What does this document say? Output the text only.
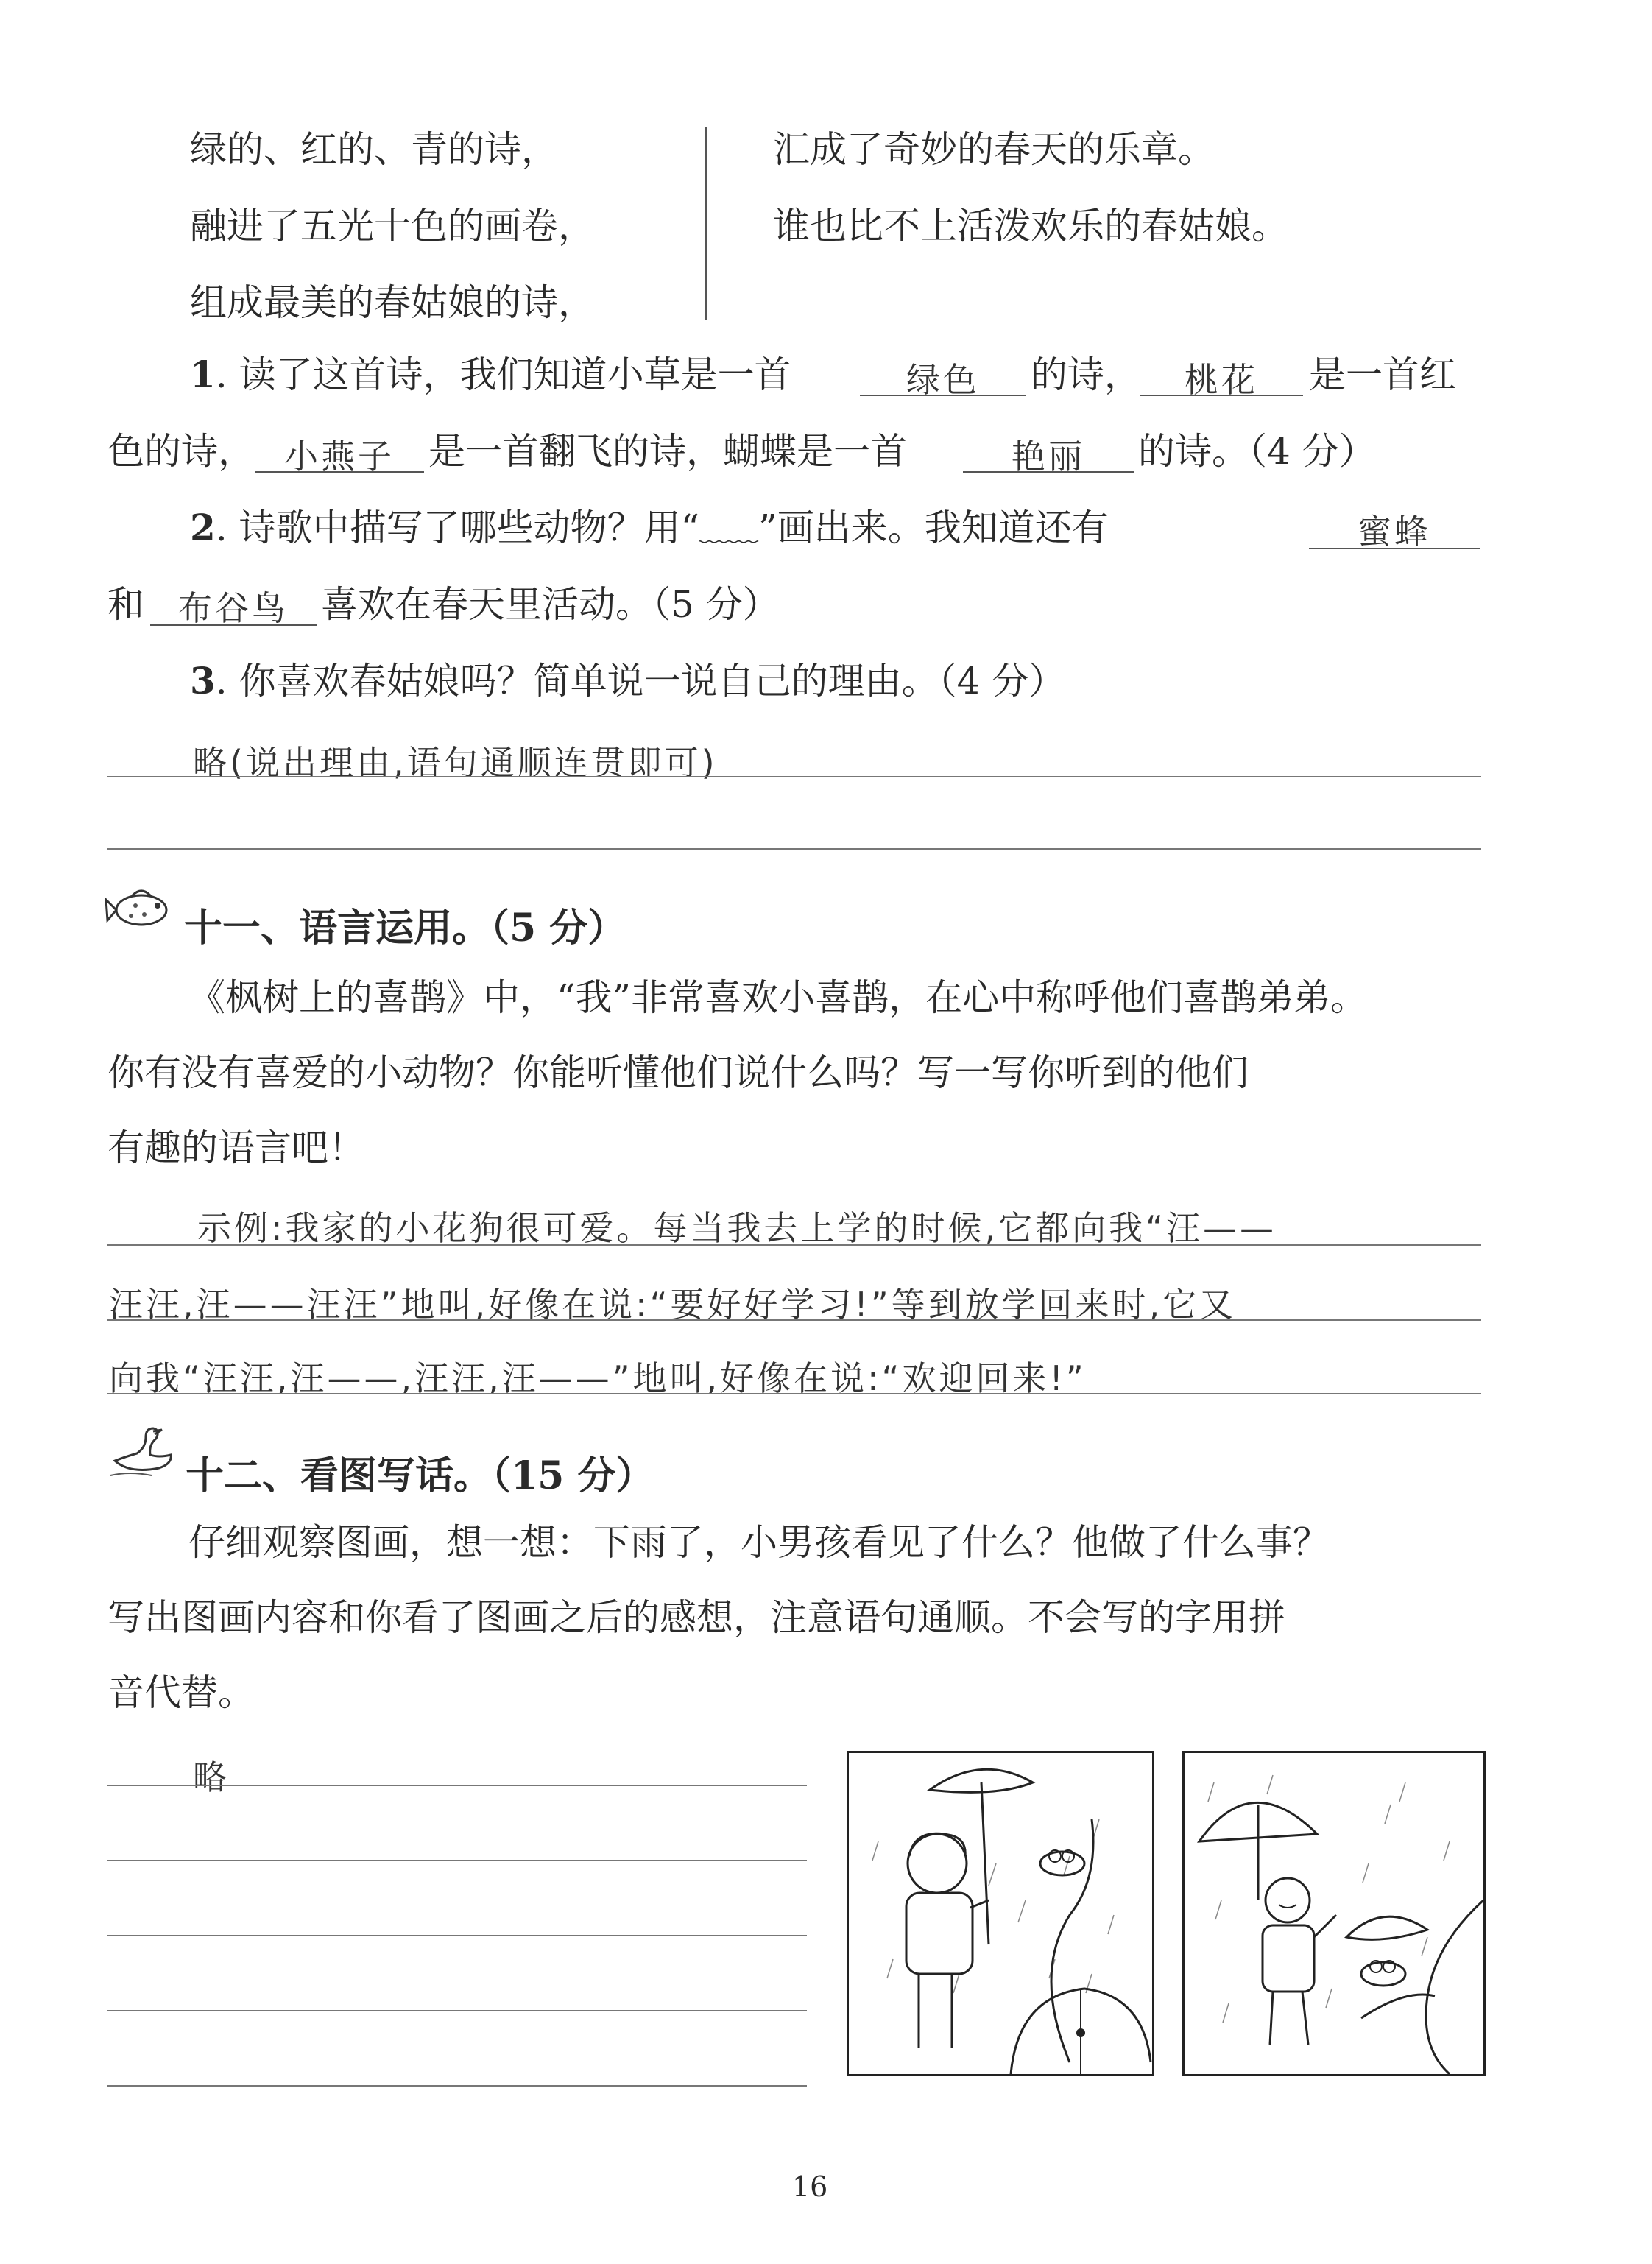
绿的、红的、青的诗，
融进了五光十色的画卷，
组成最美的春姑娘的诗，
汇成了奇妙的春天的乐章。
谁也比不上活泼欢乐的春姑娘。
1. 读了这首诗，我们知道小草是一首	绿色	的诗，	桃花	是一首红
色的诗， 小燕子 是一首翻飞的诗，蝴蝶是一首	艳丽	的诗。（4 分）
2. 诗歌中描写了哪些动物？用“﹏﹏”画出来。我知道还有	蜜蜂
和	布谷鸟 喜欢在春天里活动。（5 分）
3. 你喜欢春姑娘吗？简单说一说自己的理由。（4 分）
略(说出理由,语句通顺连贯即可)
十一、语言运用。（5 分）
《枫树上的喜鹊》中，“我”非常喜欢小喜鹊，在心中称呼他们喜鹊弟弟。
你有没有喜爱的小动物？你能听懂他们说什么吗？写一写你听到的他们
有趣的语言吧！
示例:我家的小花狗很可爱。每当我去上学的时候,它都向我“汪——
汪汪,汪——汪汪”地叫,好像在说:“要好好学习!”等到放学回来时,它又
向我“汪汪,汪——,汪汪,汪——”地叫,好像在说:“欢迎回来!”
十二、看图写话。（15 分）
仔细观察图画，想一想：下雨了，小男孩看见了什么？他做了什么事？
写出图画内容和你看了图画之后的感想，注意语句通顺。不会写的字用拼
音代替。
略
16
